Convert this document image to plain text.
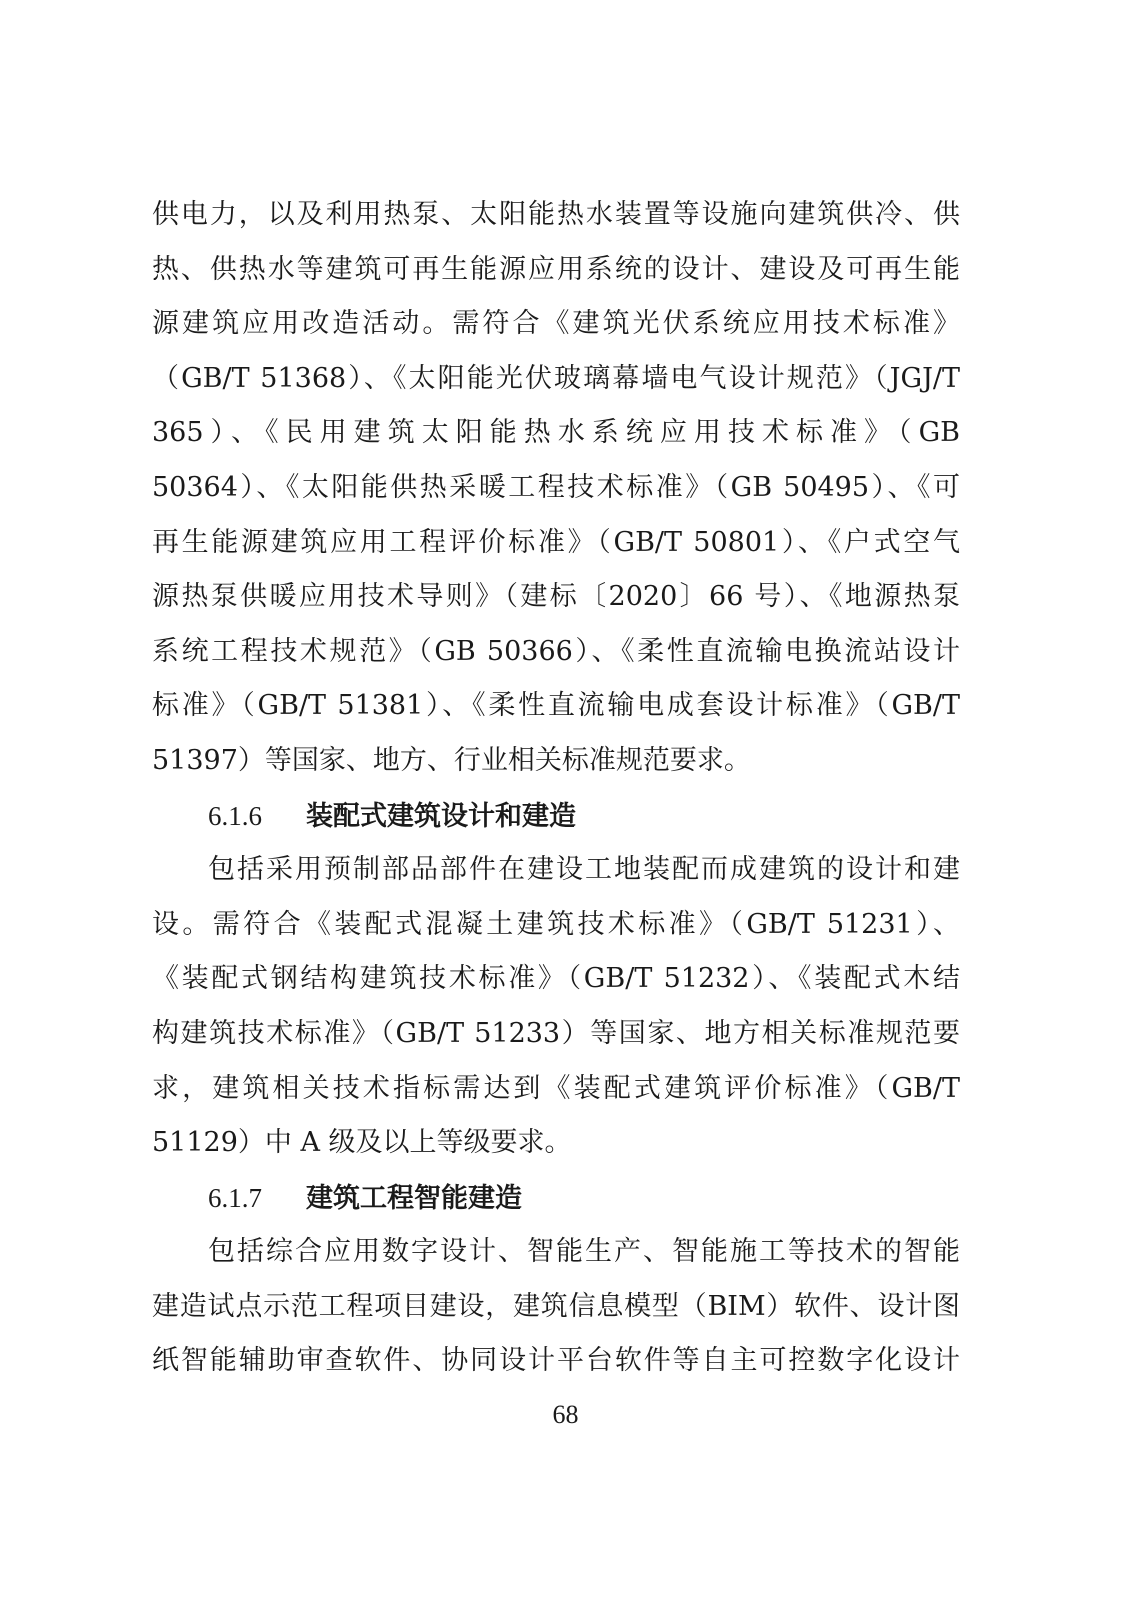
供电力，以及利用热泵、太阳能热水装置等设施向建筑供冷、供
热、供热水等建筑可再生能源应用系统的设计、建设及可再生能
源建筑应用改造活动。需符合《建筑光伏系统应用技术标准》
（GB/T 51368）、《太阳能光伏玻璃幕墙电气设计规范》（JGJ/T
365）、《民用建筑太阳能热水系统应用技术标准》（GB
50364）、《太阳能供热采暖工程技术标准》（GB 50495）、《可
再生能源建筑应用工程评价标准》（GB/T 50801）、《户式空气
源热泵供暖应用技术导则》（建标〔2020〕66 号）、《地源热泵
系统工程技术规范》（GB 50366）、《柔性直流输电换流站设计
标准》（GB/T 51381）、《柔性直流输电成套设计标准》（GB/T
51397）等国家、地方、行业相关标准规范要求。
6.1.6 装配式建筑设计和建造
包括采用预制部品部件在建设工地装配而成建筑的设计和建
设。需符合《装配式混凝土建筑技术标准》（GB/T 51231）、
《装配式钢结构建筑技术标准》（GB/T 51232）、《装配式木结
构建筑技术标准》（GB/T 51233）等国家、地方相关标准规范要
求，建筑相关技术指标需达到《装配式建筑评价标准》（GB/T
51129）中 A 级及以上等级要求。
6.1.7 建筑工程智能建造
包括综合应用数字设计、智能生产、智能施工等技术的智能
建造试点示范工程项目建设，建筑信息模型（BIM）软件、设计图
纸智能辅助审查软件、协同设计平台软件等自主可控数字化设计
68
